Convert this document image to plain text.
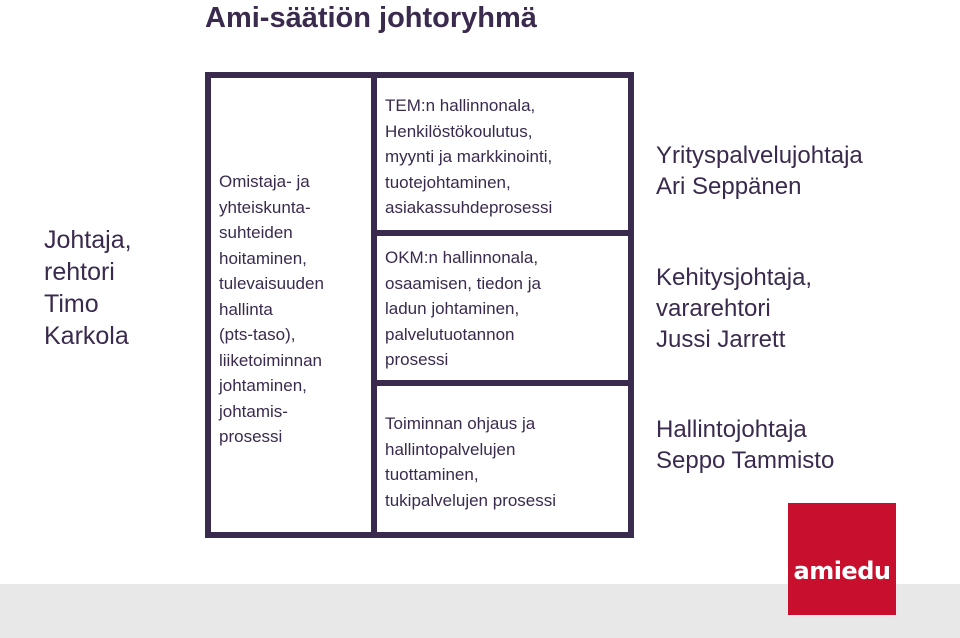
Ami-säätiön johtoryhmä
Johtaja,
rehtori
Timo
Karkola
Omistaja- ja
yhteiskunta-
suhteiden
hoitaminen,
tulevaisuuden
hallinta
(pts-taso),
liiketoiminnan
johtaminen,
johtamis-
prosessi
TEM:n hallinnonala,
Henkilöstökoulutus,
myynti ja markkinointi,
tuotejohtaminen,
asiakassuhdeprosessi
OKM:n hallinnonala,
osaamisen, tiedon ja
ladun johtaminen,
palvelutuotannon
prosessi
Toiminnan ohjaus ja
hallintopalvelujen
tuottaminen,
tukipalvelujen prosessi
Yrityspalvelujohtaja
Ari Seppänen
Kehitysjohtaja,
vararehtori
Jussi Jarrett
Hallintojohtaja
Seppo Tammisto
amiedu
